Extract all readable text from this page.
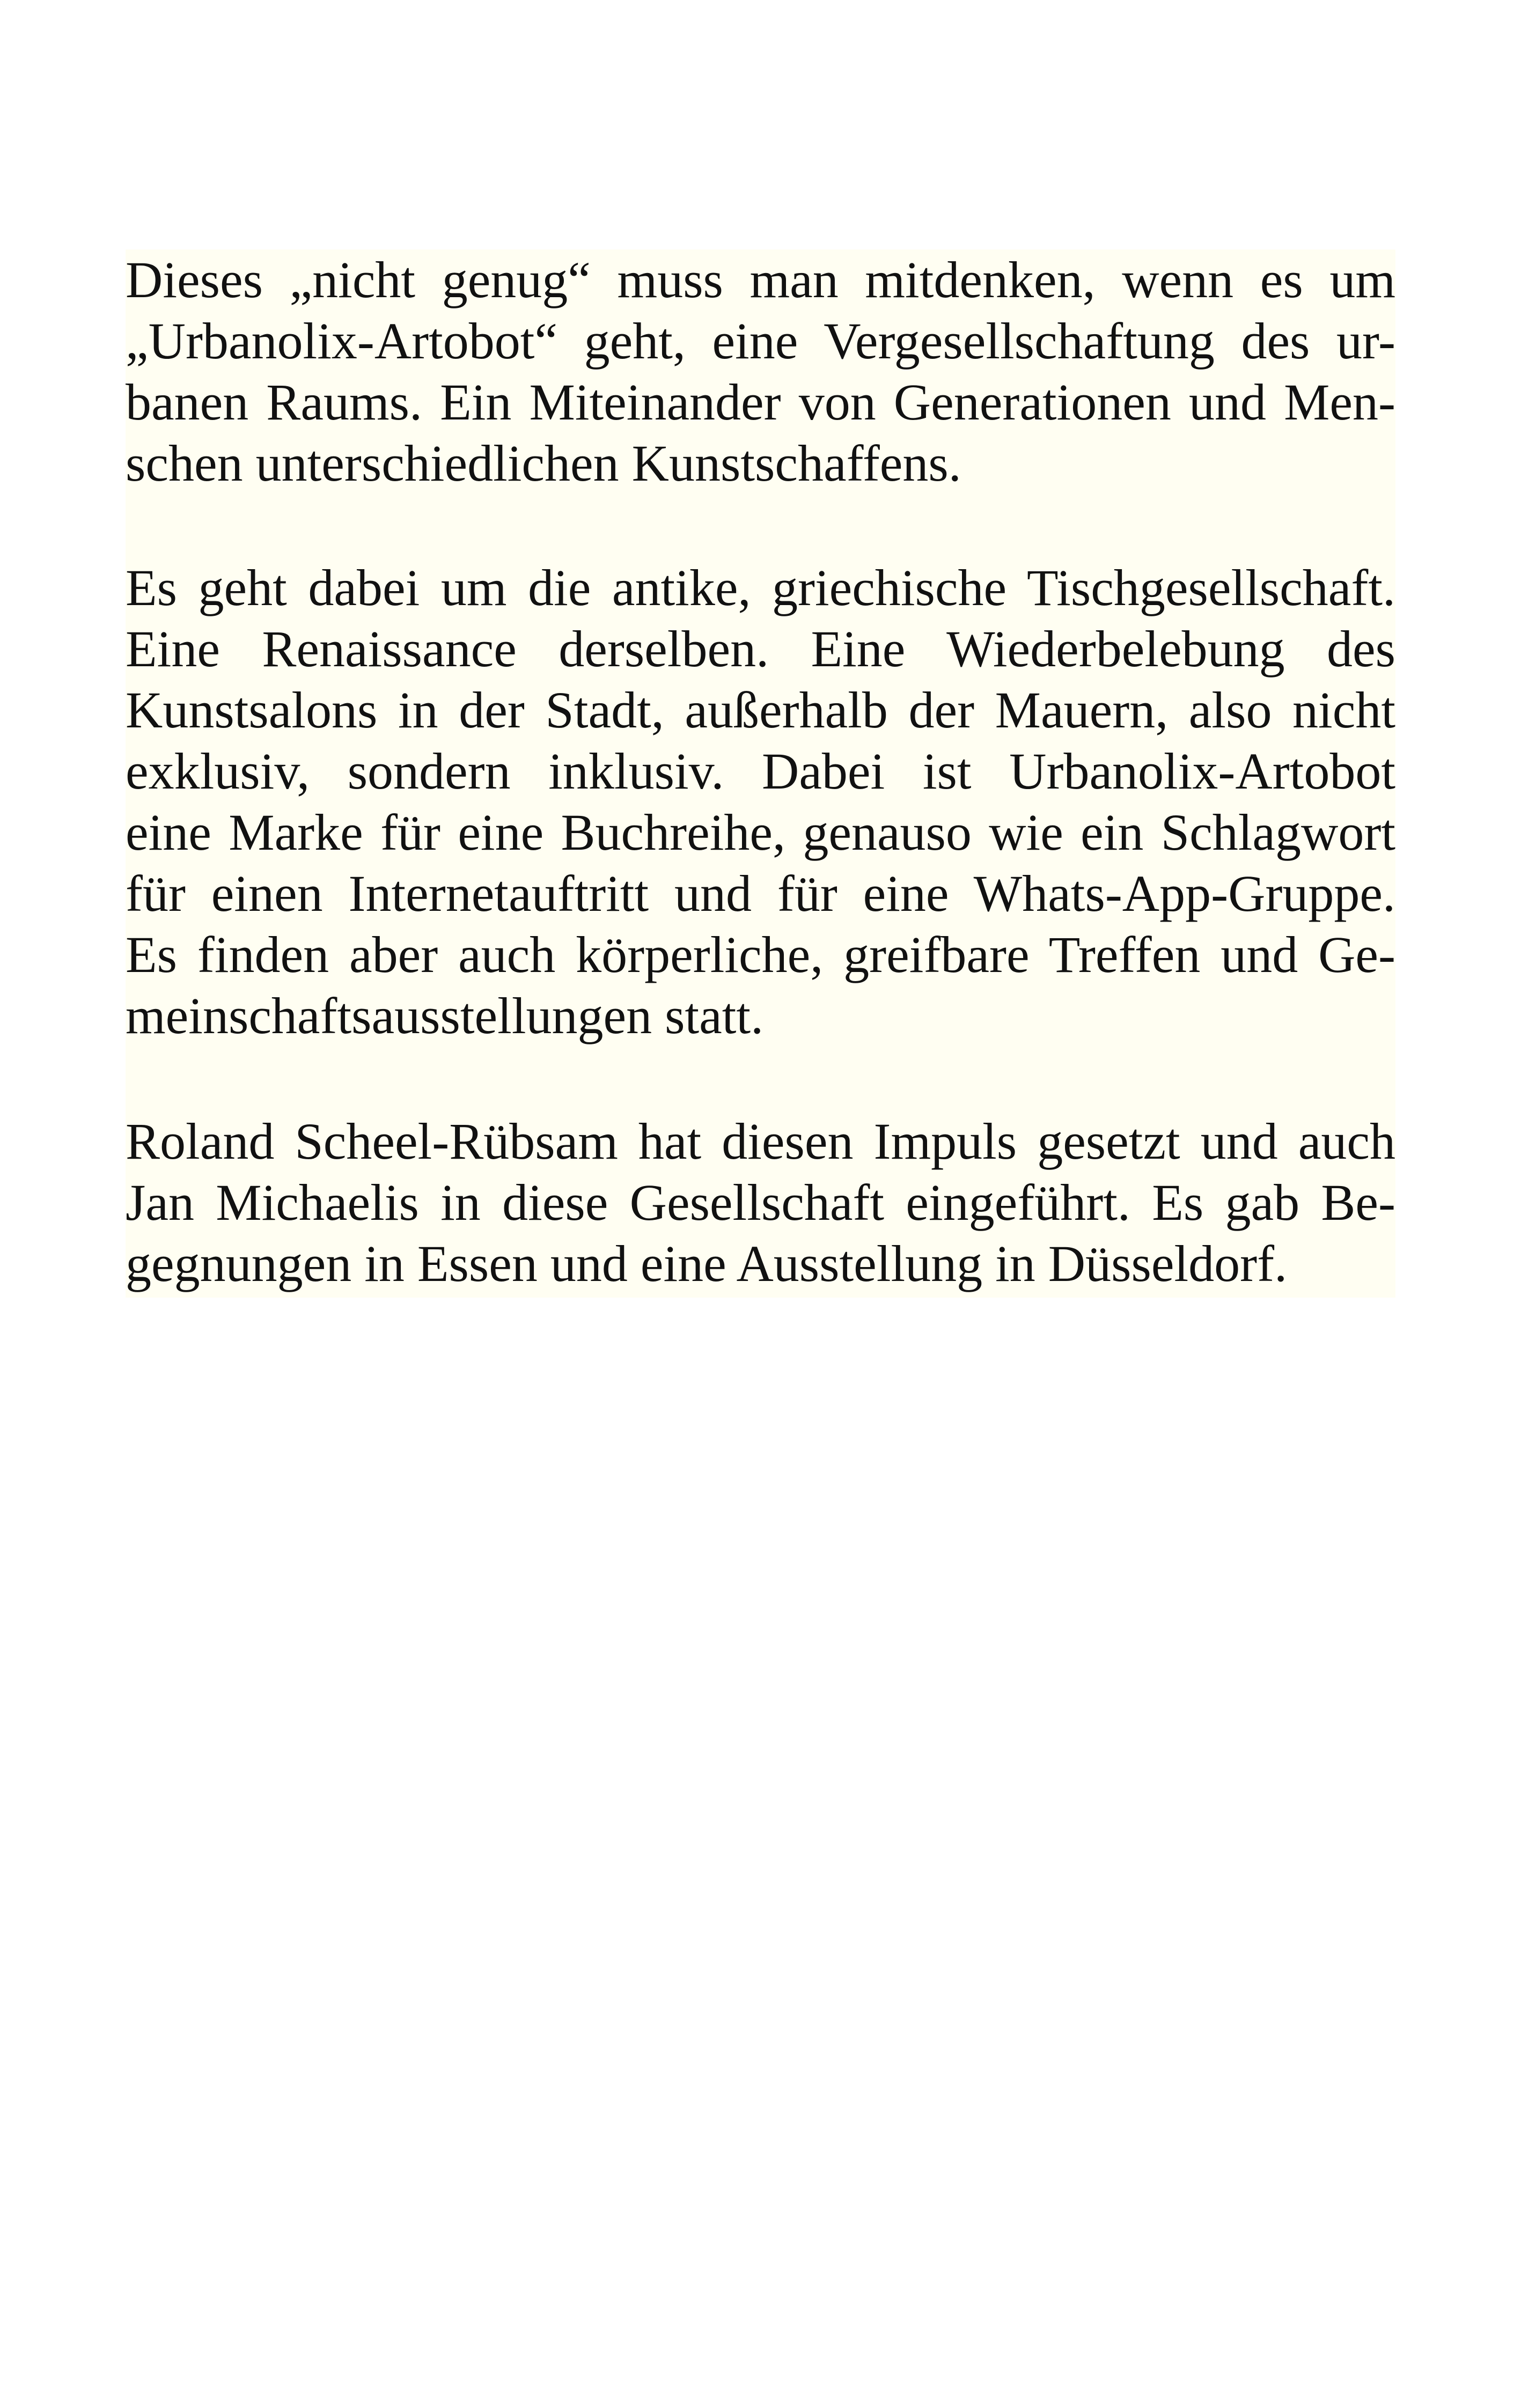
Dieses „nicht genug“ muss man mitdenken, wenn es um
„Urbanolix-Artobot“ geht, eine Vergesellschaftung des ur-
banen Raums. Ein Miteinander von Generationen und Men-
schen unterschiedlichen Kunstschaffens.
Es geht dabei um die antike, griechische Tischgesellschaft.
Eine Renaissance derselben. Eine Wiederbelebung des
Kunstsalons in der Stadt, außerhalb der Mauern, also nicht
exklusiv, sondern inklusiv. Dabei ist Urbanolix-Artobot
eine Marke für eine Buchreihe, genauso wie ein Schlagwort
für einen Internetauftritt und für eine Whats-App-Gruppe.
Es finden aber auch körperliche, greifbare Treffen und Ge-
meinschaftsausstellungen statt.
Roland Scheel-Rübsam hat diesen Impuls gesetzt und auch
Jan Michaelis in diese Gesellschaft eingeführt. Es gab Be-
gegnungen in Essen und eine Ausstellung in Düsseldorf.
